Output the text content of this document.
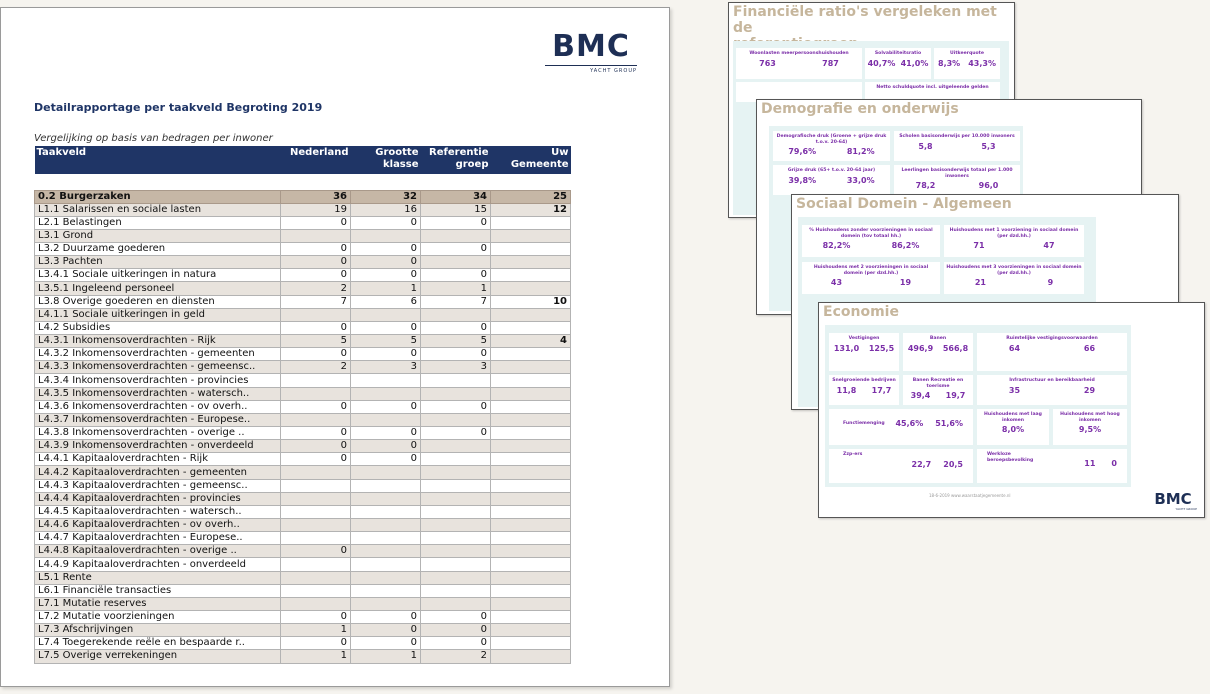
BMC
YACHT GROUP
Detailrapportage per taakveld Begroting 2019
Vergelijking op basis van bedragen per inwoner
Taakveld	Nederland	Grootte klasse	Referentie groep	Uw Gemeente

0.2 Burgerzaken	36	32	34	25
L1.1 Salarissen en sociale lasten	19	16	15	12
L2.1 Belastingen	0	0	0	
L3.1 Grond				
L3.2 Duurzame goederen	0	0	0	
L3.3 Pachten	0	0		
L3.4.1 Sociale uitkeringen in natura	0	0	0	
L3.5.1 Ingeleend personeel	2	1	1	
L3.8 Overige goederen en diensten	7	6	7	10
L4.1.1 Sociale uitkeringen in geld				
L4.2 Subsidies	0	0	0	
L4.3.1 Inkomensoverdrachten - Rijk	5	5	5	4
L4.3.2 Inkomensoverdrachten - gemeenten	0	0	0	
L4.3.3 Inkomensoverdrachten - gemeensc..	2	3	3	
L4.3.4 Inkomensoverdrachten - provincies				
L4.3.5 Inkomensoverdrachten - watersch..				
L4.3.6 Inkomensoverdrachten - ov overh..	0	0	0	
L4.3.7 Inkomensoverdrachten - Europese..				
L4.3.8 Inkomensoverdrachten - overige ..	0	0	0	
L4.3.9 Inkomensoverdrachten - onverdeeld	0	0		
L4.4.1 Kapitaaloverdrachten - Rijk	0	0		
L4.4.2 Kapitaaloverdrachten - gemeenten				
L4.4.3 Kapitaaloverdrachten - gemeensc..				
L4.4.4 Kapitaaloverdrachten - provincies				
L4.4.5 Kapitaaloverdrachten - watersch..				
L4.4.6 Kapitaaloverdrachten - ov overh..				
L4.4.7 Kapitaaloverdrachten - Europese..				
L4.4.8 Kapitaaloverdrachten - overige ..	0			
L4.4.9 Kapitaaloverdrachten - onverdeeld				
L5.1 Rente				
L6.1 Financiële transacties				
L7.1 Mutatie reserves				
L7.2 Mutatie voorzieningen	0	0	0	
L7.3 Afschrijvingen	1	0	0	
L7.4 Toegerekende reële en bespaarde r..	0	0	0	
L7.5 Overige verrekeningen	1	1	2	
Financiële ratio's vergeleken met de
Woonlasten meerpersoonshuishouden
763	787
Solvabiliteitsratio
40,7% 41,0%
Uitkeerquote
8,3% 43,3%
Netto schuldquote incl. uitgeleende gelden
Demografie en onderwijs
Demografische druk (Groene + grijze druk t.o.v. 20-64)
79,6%	81,2%
Scholen basisonderwijs per 10.000 inwoners
5,8	5,3
Grijze druk (65+ t.o.v. 20-64 jaar)
39,8%	33,0%
Leerlingen basisonderwijs totaal per 1.000 inwoners
78,2	96,0
Sociaal Domein - Algemeen
% Huishoudens zonder voorzieningen in sociaal domein (tov totaal hh.)
82,2%	86,2%
Huishoudens met 1 voorziening in sociaal domein (per dzd.hh.)
71	47
Huishoudens met 2 voorzieningen in sociaal domein (per dzd.hh.)
43	19
Huishoudens met 3 voorzieningen in sociaal domein (per dzd.hh.)
21	9
Economie
Vestigingen
131,0 125,5
Banen
496,9 566,8
Ruimtelijke vestigingsvoorwaarden
64	66
Snelgroeiende bedrijven
11,8 17,7
Banen Recreatie en toerisme
39,4 19,7
Infrastructuur en bereikbaarheid
35	29
Functiemenging	45,6% 51,6%
Huishoudens met laag inkomen
8,0%
Huishoudens met hoog inkomen
9,5%
Zzp-ers
22,7 20,5
Werkloze beroepsbevolking	11 0
18-6-2019 www.waarstaatjegemeente.nl	BMC
YACHT GROUP
